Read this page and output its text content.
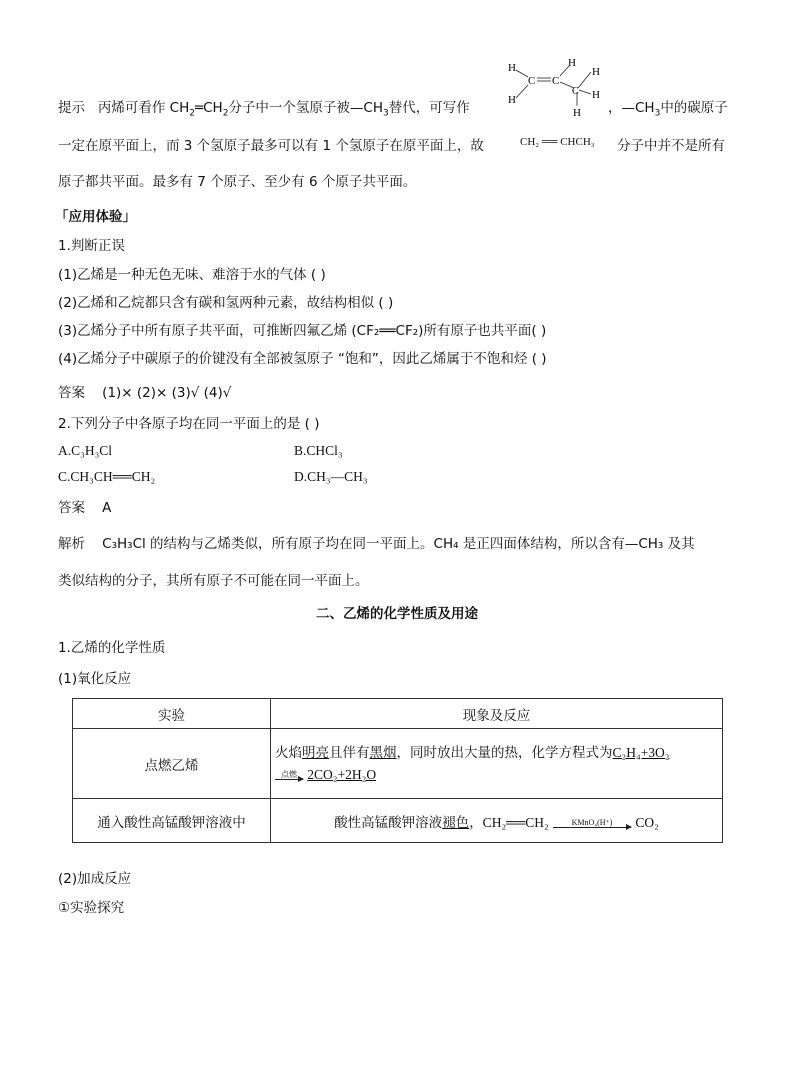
提示 丙烯可看作 $CH_2═CH_2$分子中一个氢原子被$—CH_3$替代，可写作
H
C C
H
H
H
H
H
C
，$—CH_3$中的碳原子
一定在原平面上，而 3 个氢原子最多可以有 1 个氢原子在原平面上，故	CH₂ ══ CHCH₃ 分子中并不是所有
原子都共平面。最多有 7 个原子、至少有 6 个原子共平面。
「应用体验」
1.判断正误
(1)乙烯是一种无色无味、难溶于水的气体 ( )
(2)乙烯和乙烷都只含有碳和氢两种元素，故结构相似 ( )
(3)乙烯分子中所有原子共平面，可推断四氟乙烯 (CF₂══CF₂)所有原子也共平面( )
(4)乙烯分子中碳原子的价键没有全部被氢原子 “饱和”，因此乙烯属于不饱和烃 ( )
答案 (1)× (2)× (3)√ (4)√
2.下列分子中各原子均在同一平面上的是 ( )
A.C₃H₃Cl	B.CHCl₃
C.CH₃CH══CH₂	D.CH₃—CH₃
答案 A
解析 C₃H₃Cl 的结构与乙烯类似，所有原子均在同一平面上。CH₄ 是正四面体结构，所以含有—CH₃ 及其
类似结构的分子，其所有原子不可能在同一平面上。
二、乙烯的化学性质及用途
1.乙烯的化学性质
(1)氧化反应
实验	现象及反应
点燃乙烯	火焰明亮且伴有黑烟，同时放出大量的热，化学方程式为C₂H₄+3O₂

点燃 2CO₂+2H₂O
通入酸性高锰酸钾溶液中	酸性高锰酸钾溶液褪色，CH₂══CH₂ KMnO₄(H⁺) CO₂
(2)加成反应
①实验探究
